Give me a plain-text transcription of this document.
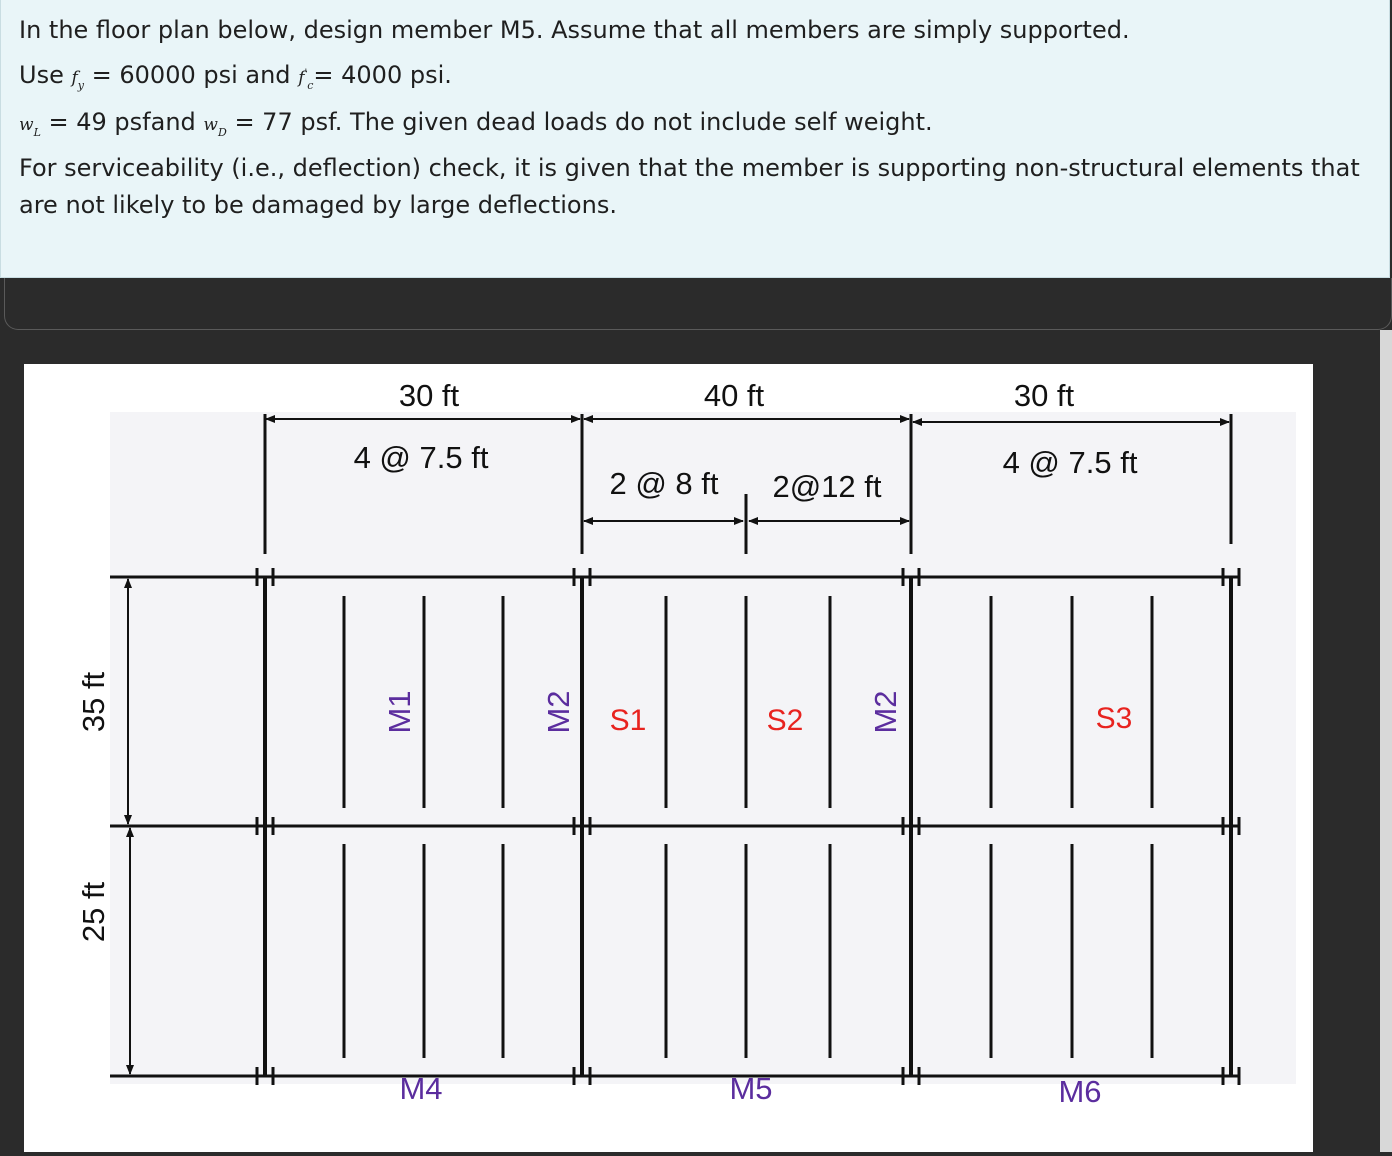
In the floor plan below, design member M5. Assume that all members are simply supported.

Use $f_y = 60000$ psi and $f'_c= 4000$ psi.

$w_L = 49$ psfand $w_D = 77$ psf. The given dead loads do not include self weight.

For serviceability (i.e., deflection) check, it is given that the member is supporting non-structural elements that are not likely to be damaged by large deflections.

30 ft	40 ft	30 ft
4 @ 7.5 ft
2 @ 8 ft 2@12 ft
4 @ 7.5 ft
35 ft
25 ft
M1	M2	M2
S1	S2	S3
M4	M5	M6
